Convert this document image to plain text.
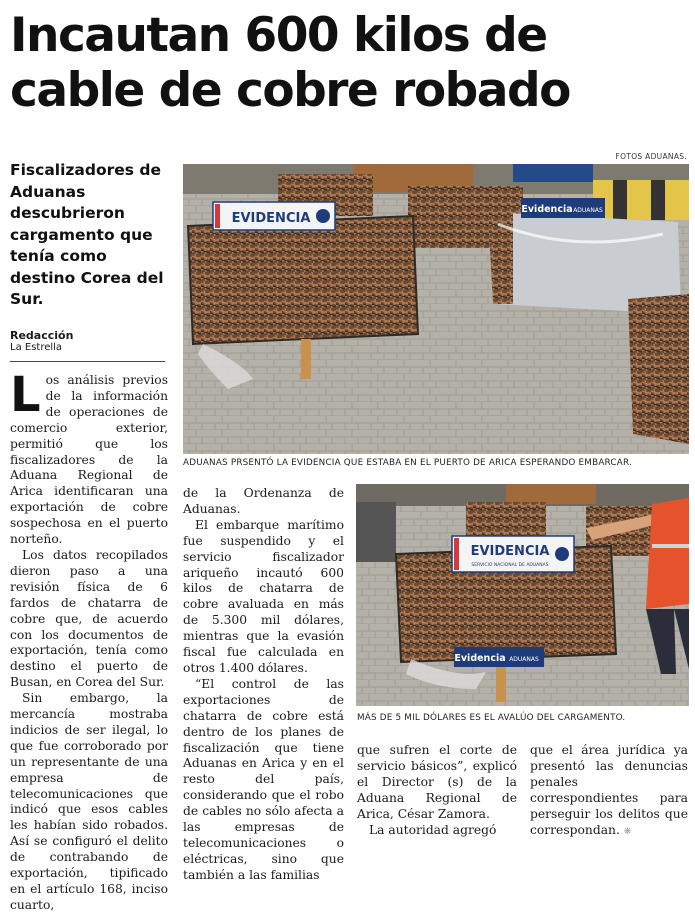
Incautan 600 kilos de cable de cobre robado

Fiscalizadores de Aduanas descubrieron cargamento que tenía como destino Corea del Sur.

Redacción
La Estrella
FOTOS ADUANAS.
EVIDENCIA
Evidencia ADUANAS
ADUANAS PRSENTÓ LA EVIDENCIA QUE ESTABA EN EL PUERTO DE ARICA ESPERANDO EMBARCAR.
EVIDENCIA
SERVICIO NACIONAL DE ADUANAS
Evidencia ADUANAS
MÁS DE 5 MIL DÓLARES ES EL AVALÚO DEL CARGAMENTO.

Los análisis previos de la información de operaciones de comercio exterior, permitió que los fiscalizadores de la Aduana Regional de Arica identificaran una exportación de cobre sospechosa en el puerto norteño.

Los datos recopilados dieron paso a una revisión física de 6 fardos de chatarra de cobre que, de acuerdo con los documentos de exportación, tenía como destino el puerto de Busan, en Corea del Sur.

Sin embargo, la mercancía mostraba indicios de ser ilegal, lo que fue corroborado por un representante de una empresa de telecomunicaciones que indicó que esos cables les habían sido robados. Así se configuró el delito de contrabando de exportación, tipificado en el artículo 168, inciso cuarto,

de la Ordenanza de Aduanas.

El embarque marítimo fue suspendido y el servicio fiscalizador ariqueño incautó 600 kilos de chatarra de cobre avaluada en más de 5.300 mil dólares, mientras que la evasión fiscal fue calculada en otros 1.400 dólares.

“El control de las exportaciones de chatarra de cobre está dentro de los planes de fiscalización que tiene Aduanas en Arica y en el resto del país, considerando que el robo de cables no sólo afecta a las empresas de telecomunicaciones o eléctricas, sino que también a las familias

que sufren el corte de servicio básicos”, explicó el Director (s) de la Aduana Regional de Arica, César Zamora.

La autoridad agregó

que el área jurídica ya presentó las denuncias penales correspondientes para perseguir los delitos que correspondan. ❋
